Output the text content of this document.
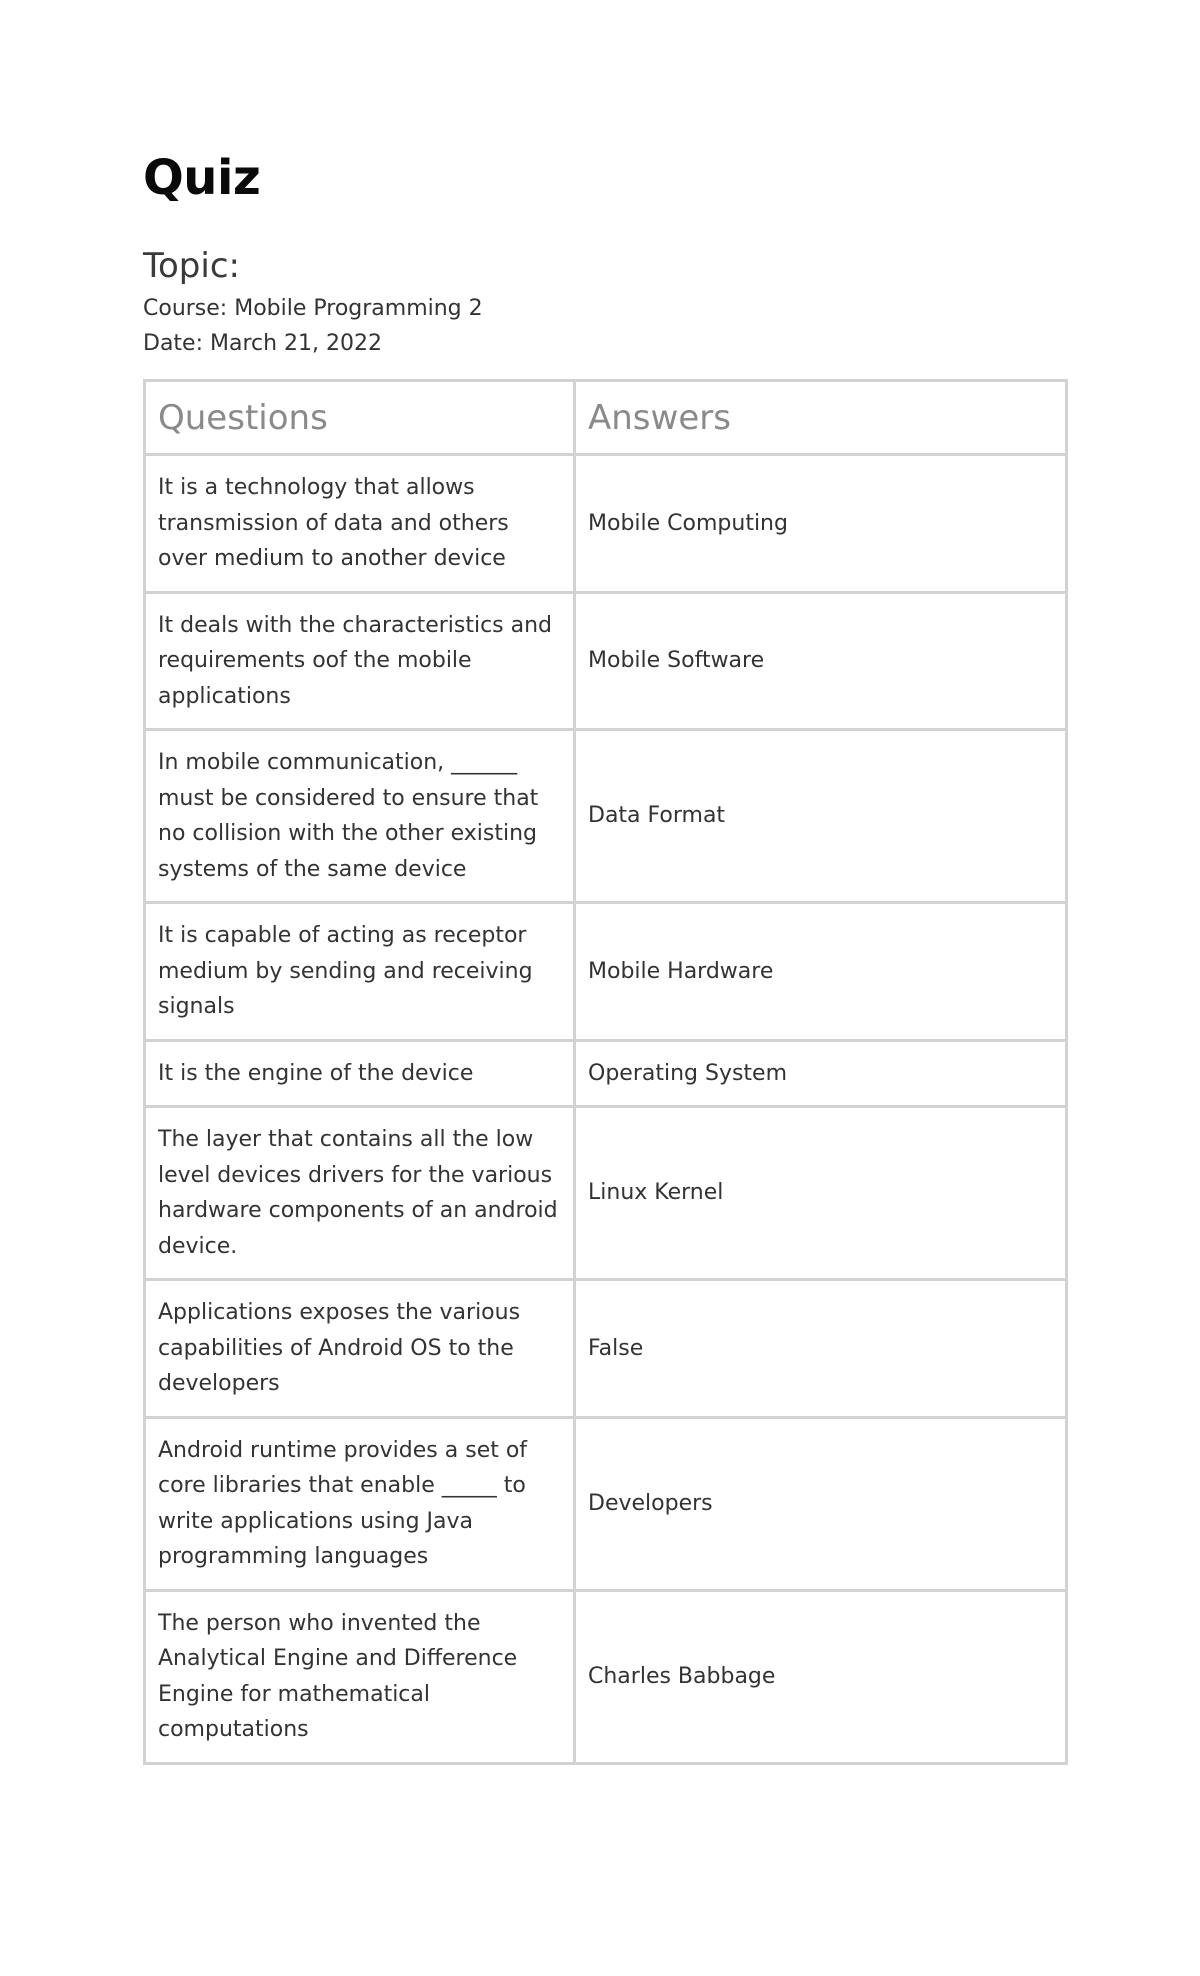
Quiz
Topic:
Course: Mobile Programming 2
Date: March 21, 2022
Questions	Answers
It is a technology that allows transmission of data and others over medium to another device	Mobile Computing
It deals with the characteristics and requirements oof the mobile applications	Mobile Software
In mobile communication, ______ must be considered to ensure that no collision with the other existing systems of the same device	Data Format
It is capable of acting as receptor medium by sending and receiving signals	Mobile Hardware
It is the engine of the device	Operating System
The layer that contains all the low level devices drivers for the various hardware components of an android device.	Linux Kernel
Applications exposes the various capabilities of Android OS to the developers	False
Android runtime provides a set of core libraries that enable _____ to write applications using Java programming languages	Developers
The person who invented the Analytical Engine and Difference Engine for mathematical computations	Charles Babbage
